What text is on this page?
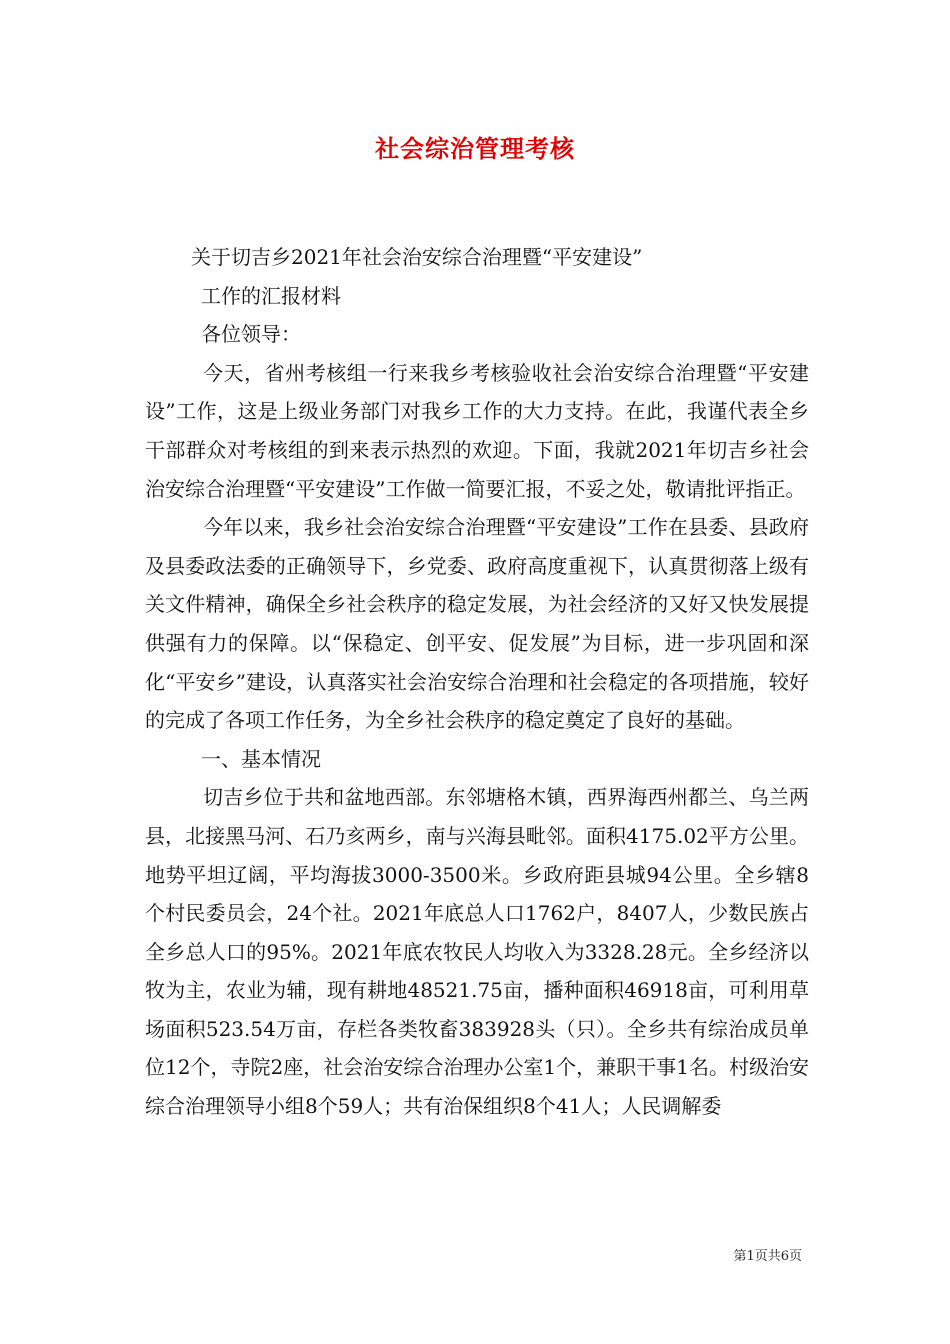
社会综治管理考核

关于切吉乡2021年社会治安综合治理暨“平安建设”

工作的汇报材料

各位领导：

今天，省州考核组一行来我乡考核验收社会治安综合治理暨“平安建设”工作，这是上级业务部门对我乡工作的大力支持。在此，我谨代表全乡干部群众对考核组的到来表示热烈的欢迎。下面，我就2021年切吉乡社会治安综合治理暨“平安建设”工作做一简要汇报，不妥之处，敬请批评指正。

今年以来，我乡社会治安综合治理暨“平安建设”工作在县委、县政府及县委政法委的正确领导下，乡党委、政府高度重视下，认真贯彻落上级有关文件精神，确保全乡社会秩序的稳定发展，为社会经济的又好又快发展提供强有力的保障。以“保稳定、创平安、促发展”为目标，进一步巩固和深化“平安乡”建设，认真落实社会治安综合治理和社会稳定的各项措施，较好的完成了各项工作任务，为全乡社会秩序的稳定奠定了良好的基础。

一、基本情况

切吉乡位于共和盆地西部。东邻塘格木镇，西界海西州都兰、乌兰两县，北接黑马河、石乃亥两乡，南与兴海县毗邻。面积4175.02平方公里。地势平坦辽阔，平均海拔3000-3500米。乡政府距县城94公里。全乡辖8个村民委员会，24个社。2021年底总人口1762户，8407人，少数民族占全乡总人口的95%。2021年底农牧民人均收入为3328.28元。全乡经济以牧为主，农业为辅，现有耕地48521.75亩，播种面积46918亩，可利用草场面积523.54万亩，存栏各类牧畜383928头（只）。全乡共有综治成员单位12个，寺院2座，社会治安综合治理办公室1个，兼职干事1名。村级治安综合治理领导小组8个59人；共有治保组织8个41人；人民调解委

第1页共6页
